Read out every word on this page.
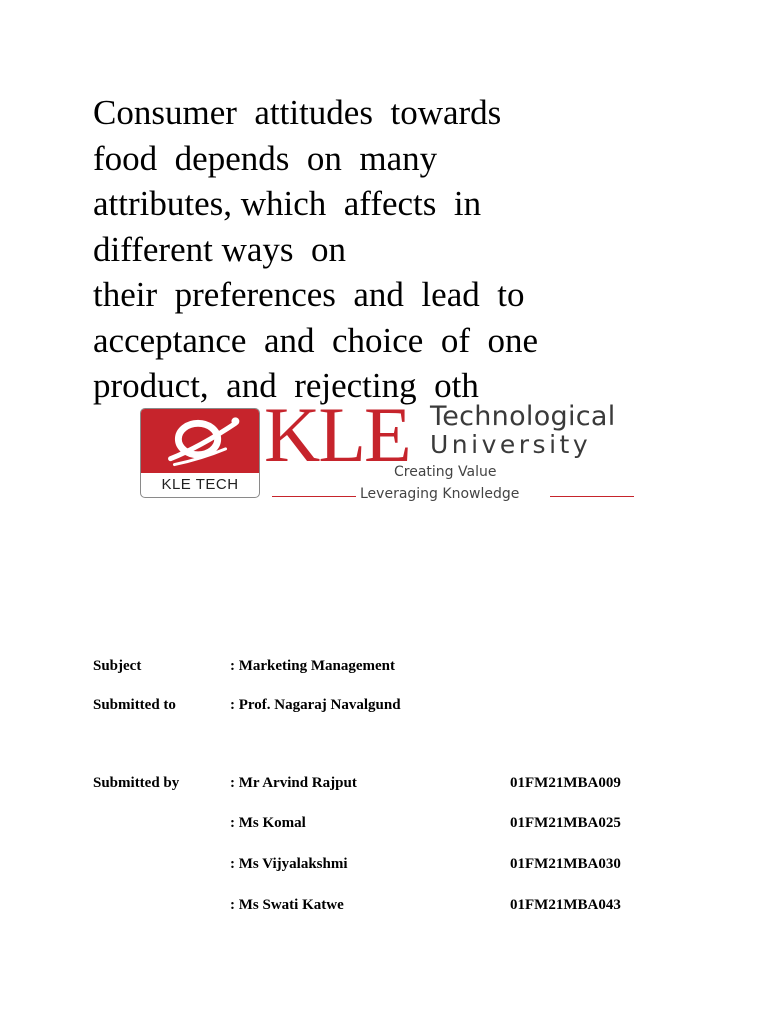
Consumer  attitudes  towards
food  depends  on  many
attributes, which  affects  in
different ways  on
their  preferences  and  lead  to
acceptance  and  choice  of  one
product,  and  rejecting  oth
KLE TECH
KLE Technological
University
Creating Value
Leveraging Knowledge
Subject	: Marketing Management
Submitted to	: Prof. Nagaraj Navalgund
Submitted by	: Mr Arvind Rajput	01FM21MBA009
: Ms Komal	01FM21MBA025
: Ms Vijyalakshmi	01FM21MBA030
: Ms Swati Katwe	01FM21MBA043
